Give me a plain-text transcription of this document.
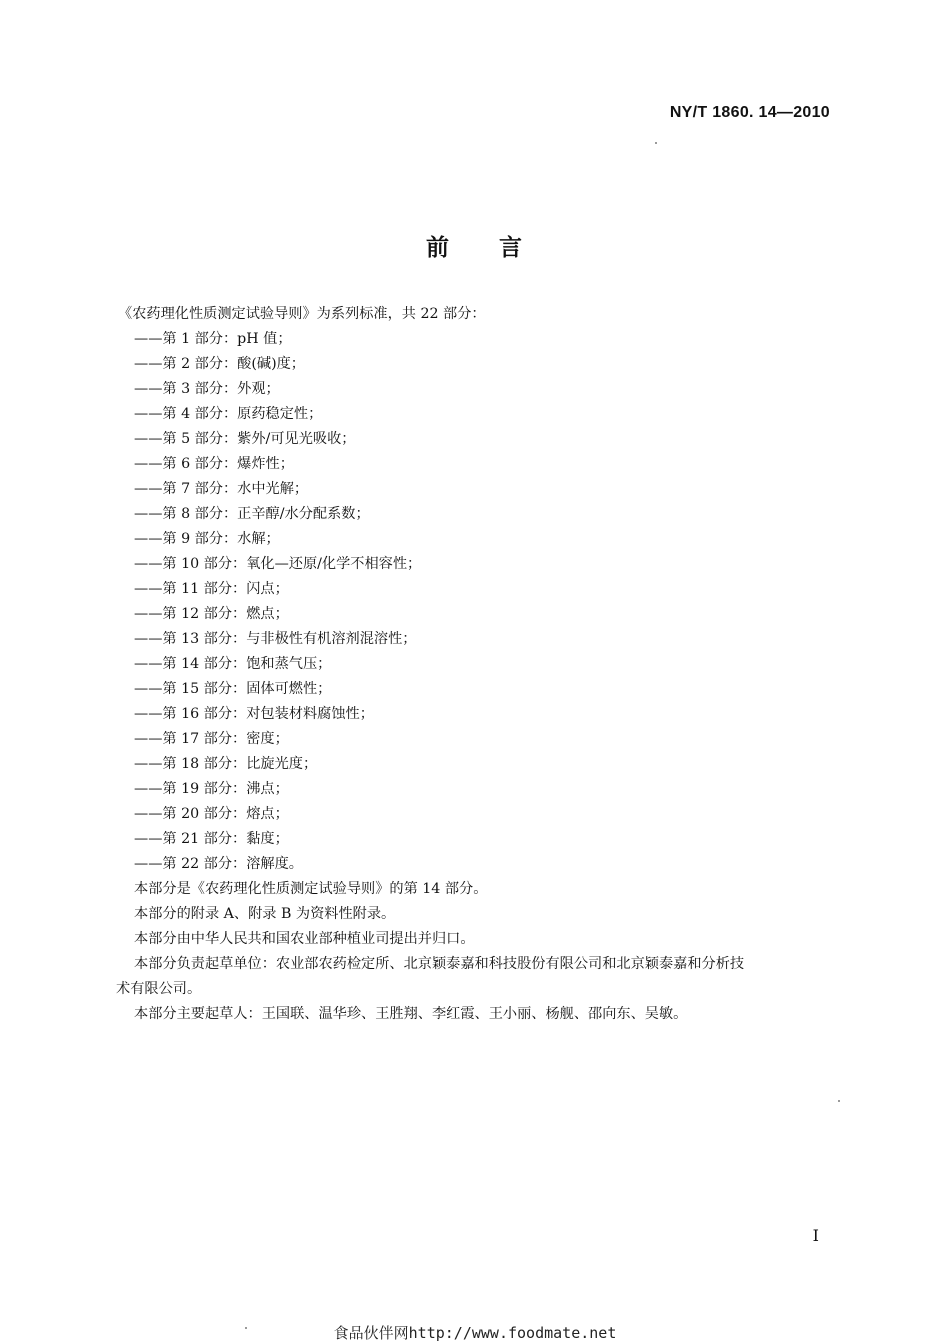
NY/T 1860. 14—2010
前 言

《农药理化性质测定试验导则》为系列标准，共 22 部分：

——第 1 部分：pH 值；

——第 2 部分：酸(碱)度；

——第 3 部分：外观；

——第 4 部分：原药稳定性；

——第 5 部分：紫外/可见光吸收；

——第 6 部分：爆炸性；

——第 7 部分：水中光解；

——第 8 部分：正辛醇/水分配系数；

——第 9 部分：水解；

——第 10 部分：氧化—还原/化学不相容性；

——第 11 部分：闪点；

——第 12 部分：燃点；

——第 13 部分：与非极性有机溶剂混溶性；

——第 14 部分：饱和蒸气压；

——第 15 部分：固体可燃性；

——第 16 部分：对包装材料腐蚀性；

——第 17 部分：密度；

——第 18 部分：比旋光度；

——第 19 部分：沸点；

——第 20 部分：熔点；

——第 21 部分：黏度；

——第 22 部分：溶解度。

本部分是《农药理化性质测定试验导则》的第 14 部分。

本部分的附录 A、附录 B 为资料性附录。

本部分由中华人民共和国农业部种植业司提出并归口。

本部分负责起草单位：农业部农药检定所、北京颖泰嘉和科技股份有限公司和北京颖泰嘉和分析技

术有限公司。

本部分主要起草人：王国联、温华珍、王胜翔、李红霞、王小丽、杨舰、邵向东、吴敏。

I
食品伙伴网http://www.foodmate.net
